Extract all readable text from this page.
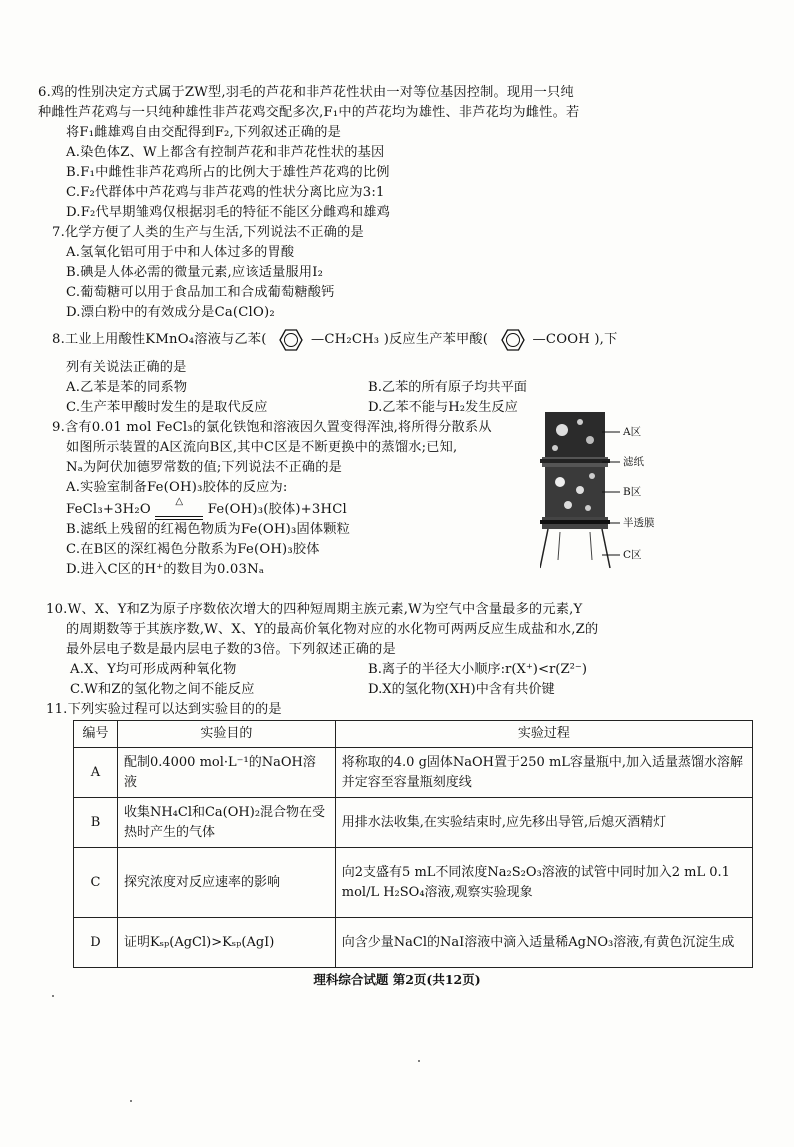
6.鸡的性别决定方式属于ZW型,羽毛的芦花和非芦花性状由一对等位基因控制。现用一只纯
种雌性芦花鸡与一只纯种雄性非芦花鸡交配多次,F₁中的芦花均为雄性、非芦花均为雌性。若
将F₁雌雄鸡自由交配得到F₂,下列叙述正确的是
A.染色体Z、W上都含有控制芦花和非芦花性状的基因
B.F₁中雌性非芦花鸡所占的比例大于雄性芦花鸡的比例
C.F₂代群体中芦花鸡与非芦花鸡的性状分离比应为3:1
D.F₂代早期雏鸡仅根据羽毛的特征不能区分雌鸡和雄鸡
7.化学方便了人类的生产与生活,下列说法不正确的是
A.氢氧化铝可用于中和人体过多的胃酸
B.碘是人体必需的微量元素,应该适量服用I₂
C.葡萄糖可以用于食品加工和合成葡萄糖酸钙
D.漂白粉中的有效成分是Ca(ClO)₂
8.工业上用酸性KMnO₄溶液与乙苯(	—CH₂CH₃ )反应生产苯甲酸(	—COOH ),下
列有关说法正确的是
A.乙苯是苯的同系物	B.乙苯的所有原子均共平面
C.生产苯甲酸时发生的是取代反应	D.乙苯不能与H₂发生反应
9.含有0.01 mol FeCl₃的氯化铁饱和溶液因久置变得浑浊,将所得分散系从
如图所示装置的A区流向B区,其中C区是不断更换中的蒸馏水;已知,
Nₐ为阿伏加德罗常数的值;下列说法不正确的是
A.实验室制备Fe(OH)₃胶体的反应为:
FeCl₃+3H₂O
△
Fe(OH)₃(胶体)+3HCl
B.滤纸上残留的红褐色物质为Fe(OH)₃固体颗粒
C.在B区的深红褐色分散系为Fe(OH)₃胶体
D.进入C区的H⁺的数目为0.03Nₐ
A区
滤纸
B区
半透膜
C区
10.W、X、Y和Z为原子序数依次增大的四种短周期主族元素,W为空气中含量最多的元素,Y
的周期数等于其族序数,W、X、Y的最高价氧化物对应的水化物可两两反应生成盐和水,Z的
最外层电子数是最内层电子数的3倍。下列叙述正确的是
A.X、Y均可形成两种氧化物	B.离子的半径大小顺序:r(X⁺)<r(Z²⁻)
C.W和Z的氢化物之间不能反应	D.X的氢化物(XH)中含有共价键
编号	实验目的	实验过程
A	配制0.4000 mol·L⁻¹的NaOH溶液	将称取的4.0 g固体NaOH置于250 mL容量瓶中,加入适量蒸馏水溶解并定容至容量瓶刻度线
B	收集NH₄Cl和Ca(OH)₂混合物在受热时产生的气体	用排水法收集,在实验结束时,应先移出导管,后熄灭酒精灯
C	探究浓度对反应速率的影响	向2支盛有5 mL不同浓度Na₂S₂O₃溶液的试管中同时加入2 mL 0.1 mol/L H₂SO₄溶液,观察实验现象
D	证明Kₛₚ(AgCl)>Kₛₚ(AgI)	向含少量NaCl的NaI溶液中滴入适量稀AgNO₃溶液,有黄色沉淀生成
理科综合试题 第2页(共12页)
11.下列实验过程可以达到实验目的的是
